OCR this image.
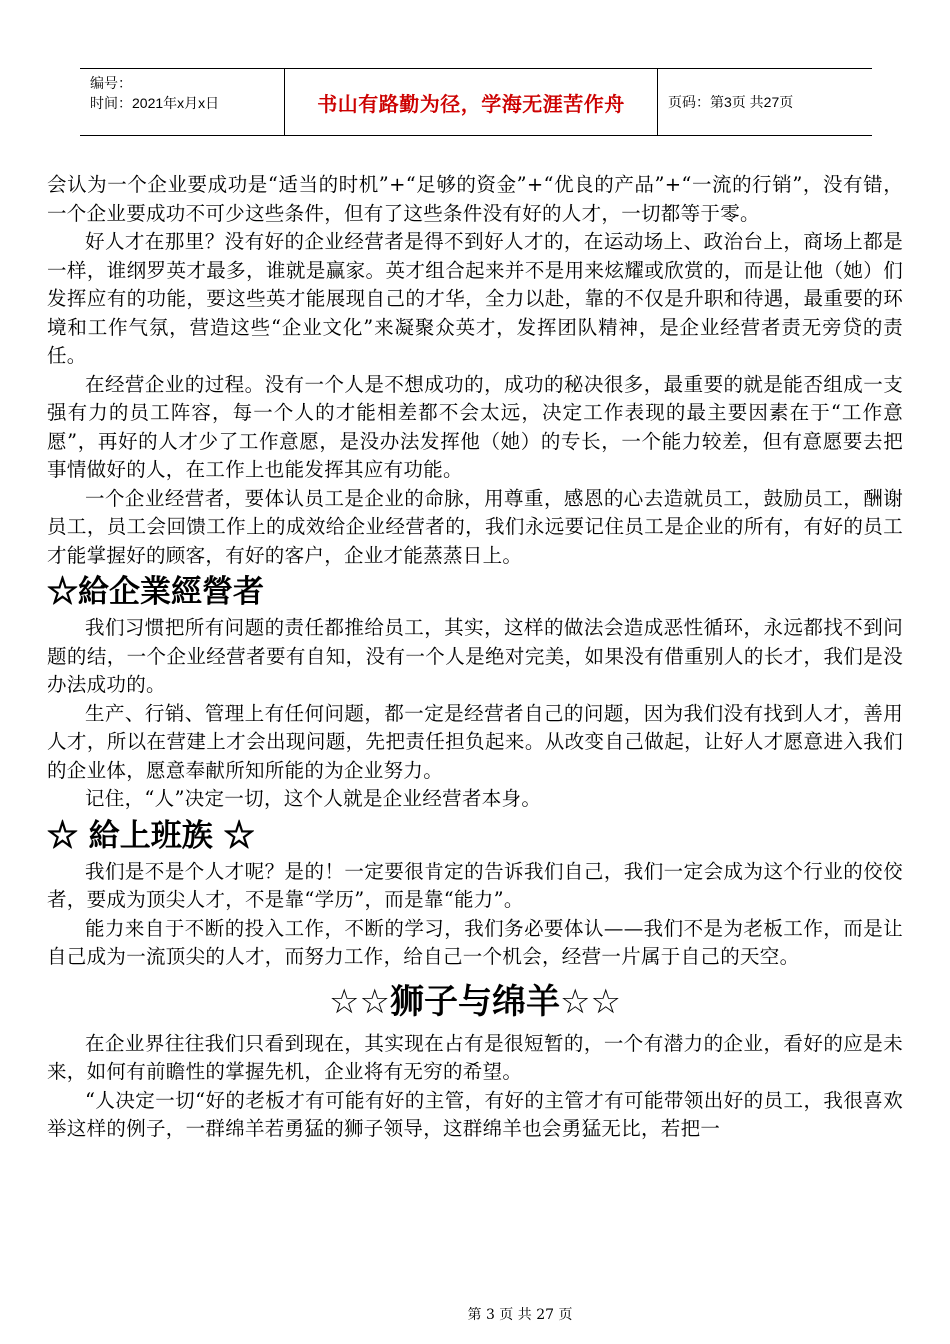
编号：
时间：2021年x月x日	书山有路勤为径，学海无涯苦作舟	页码：第3页 共27页

会认为一个企业要成功是“适当的时机”+“足够的资金”+“优良的产品”+“一流的行销”，没有错，一个企业要成功不可少这些条件，但有了这些条件没有好的人才，一切都等于零。

好人才在那里？没有好的企业经营者是得不到好人才的，在运动场上、政治台上，商场上都是一样，谁纲罗英才最多，谁就是赢家。英才组合起来并不是用来炫耀或欣赏的，而是让他（她）们发挥应有的功能，要这些英才能展现自己的才华，全力以赴，靠的不仅是升职和待遇，最重要的环境和工作气氛，营造这些“企业文化”来凝聚众英才，发挥团队精神，是企业经营者责无旁贷的责任。

在经营企业的过程。没有一个人是不想成功的，成功的秘决很多，最重要的就是能否组成一支强有力的员工阵容，每一个人的才能相差都不会太远，决定工作表现的最主要因素在于“工作意愿”，再好的人才少了工作意愿，是没办法发挥他（她）的专长，一个能力较差，但有意愿要去把事情做好的人，在工作上也能发挥其应有功能。

一个企业经营者，要体认员工是企业的命脉，用尊重，感恩的心去造就员工，鼓励员工，酬谢员工，员工会回馈工作上的成效给企业经营者的，我们永远要记住员工是企业的所有，有好的员工才能掌握好的顾客，有好的客户，企业才能蒸蒸日上。

☆給企業經營者

我们习惯把所有问题的责任都推给员工，其实，这样的做法会造成恶性循环，永远都找不到问题的结，一个企业经营者要有自知，没有一个人是绝对完美，如果没有借重别人的长才，我们是没办法成功的。

生产、行销、管理上有任何问题，都一定是经营者自己的问题，因为我们没有找到人才，善用人才，所以在营建上才会出现问题，先把责任担负起来。从改变自己做起，让好人才愿意进入我们的企业体，愿意奉献所知所能的为企业努力。

记住，“人”决定一切，这个人就是企业经营者本身。

☆ 給上班族 ☆

我们是不是个人才呢？是的！一定要很肯定的告诉我们自己，我们一定会成为这个行业的佼佼者，要成为顶尖人才，不是靠“学历”，而是靠“能力”。

能力来自于不断的投入工作，不断的学习，我们务必要体认——我们不是为老板工作，而是让自己成为一流顶尖的人才，而努力工作，给自己一个机会，经营一片属于自己的天空。

☆☆狮子与绵羊☆☆

在企业界往往我们只看到现在，其实现在占有是很短暂的，一个有潜力的企业，看好的应是未来，如何有前瞻性的掌握先机，企业将有无穷的希望。

“人决定一切“好的老板才有可能有好的主管，有好的主管才有可能带领出好的员工，我很喜欢举这样的例子，一群绵羊若勇猛的狮子领导，这群绵羊也会勇猛无比，若把一

第 3 页 共 27 页
